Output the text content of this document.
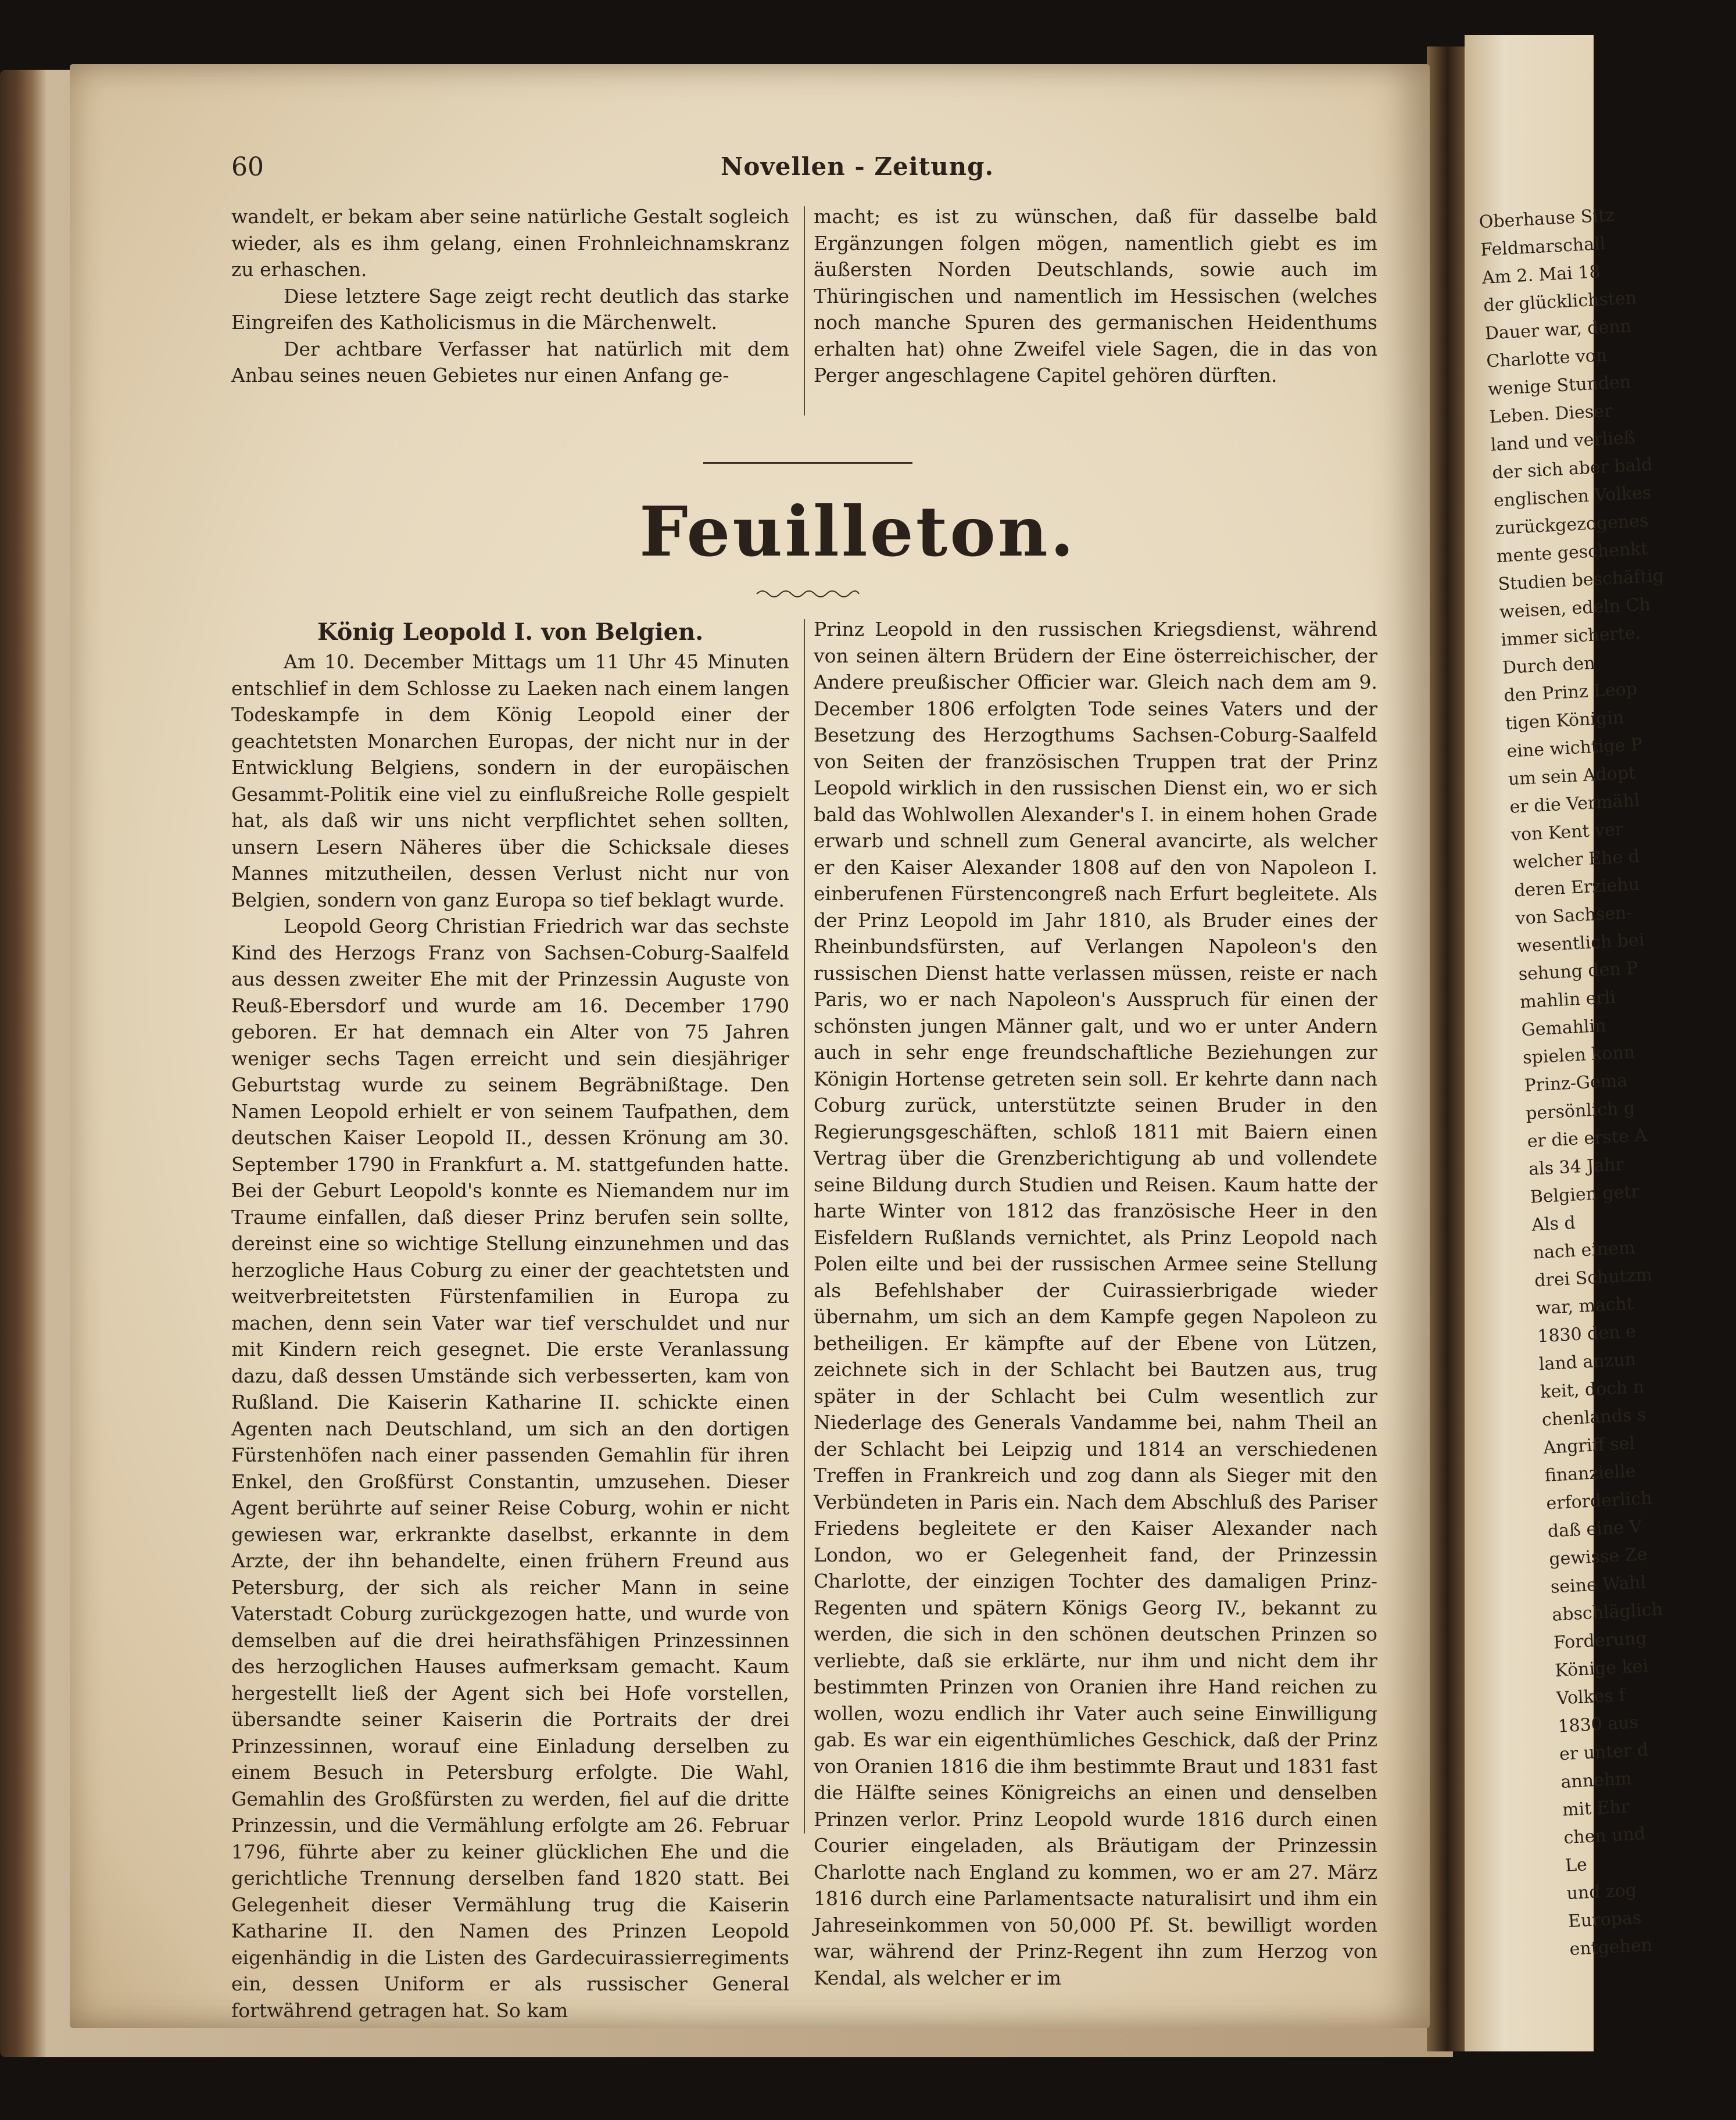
Oberhause Sitz

Feldmarschall

Am 2. Mai 18

der glücklichsten

Dauer war, denn

Charlotte von

wenige Stunden

Leben. Dieser

land und verließ

der sich aber bald

englischen Volkes

zurückgezogenes

mente geschenkt

Studien beschäftig

weisen, edeln Ch

immer sicherte.

Durch den

den Prinz Leop

tigen Königin

eine wichtige P

um sein Adopt

er die Vermähl

von Kent ver

welcher Ehe d

deren Erziehu

von Sachsen-

wesentlich bei

sehung den P

mahlin erli

Gemahlin

spielen konn

Prinz-Gema

persönlich g

er die erste A

als 34 Jahr

Belgien getr

Als d

nach einem

drei Schutzm

war, macht

1830 den e

land anzun

keit, doch n

chenlands s

Angriff sel

finanzielle

erforderlich

daß eine V

gewisse Ze

seine Wahl

abschläglich

Forderung

Könige kei

Volkes f

1830 aus

er unter d

annehm

mit Ehr

chen und

Le

und zog

Europas

entgehen

60	Novellen - Zeitung.

wandelt, er bekam aber seine natürliche Gestalt sogleich wieder, als es ihm gelang, einen Frohnleichnamskranz zu erhaschen.

Diese letztere Sage zeigt recht deutlich das starke Eingreifen des Katholicismus in die Märchenwelt.

Der achtbare Verfasser hat natürlich mit dem Anbau seines neuen Gebietes nur einen Anfang ge-

macht; es ist zu wünschen, daß für dasselbe bald Ergänzungen folgen mögen, namentlich giebt es im äußersten Norden Deutschlands, sowie auch im Thüringischen und namentlich im Hessischen (welches noch manche Spuren des germanischen Heidenthums erhalten hat) ohne Zweifel viele Sagen, die in das von Perger angeschlagene Capitel gehören dürften.

Feuilleton.

König Leopold I. von Belgien.

Am 10. December Mittags um 11 Uhr 45 Minuten entschlief in dem Schlosse zu Laeken nach einem langen Todeskampfe in dem König Leopold einer der geachtetsten Monarchen Europas, der nicht nur in der Entwicklung Belgiens, sondern in der europäischen Gesammt-Politik eine viel zu einflußreiche Rolle gespielt hat, als daß wir uns nicht verpflichtet sehen sollten, unsern Lesern Näheres über die Schicksale dieses Mannes mitzutheilen, dessen Verlust nicht nur von Belgien, sondern von ganz Europa so tief beklagt wurde.

Leopold Georg Christian Friedrich war das sechste Kind des Herzogs Franz von Sachsen-Coburg-Saalfeld aus dessen zweiter Ehe mit der Prinzessin Auguste von Reuß-Ebersdorf und wurde am 16. December 1790 geboren. Er hat demnach ein Alter von 75 Jahren weniger sechs Tagen erreicht und sein diesjähriger Geburtstag wurde zu seinem Begräbnißtage. Den Namen Leopold erhielt er von seinem Taufpathen, dem deutschen Kaiser Leopold II., dessen Krönung am 30. September 1790 in Frankfurt a. M. stattgefunden hatte. Bei der Geburt Leopold's konnte es Niemandem nur im Traume einfallen, daß dieser Prinz berufen sein sollte, dereinst eine so wichtige Stellung einzunehmen und das herzogliche Haus Coburg zu einer der geachtetsten und weitverbreitetsten Fürstenfamilien in Europa zu machen, denn sein Vater war tief verschuldet und nur mit Kindern reich gesegnet. Die erste Veranlassung dazu, daß dessen Umstände sich verbesserten, kam von Rußland. Die Kaiserin Katharine II. schickte einen Agenten nach Deutschland, um sich an den dortigen Fürstenhöfen nach einer passenden Gemahlin für ihren Enkel, den Großfürst Constantin, umzusehen. Dieser Agent berührte auf seiner Reise Coburg, wohin er nicht gewiesen war, erkrankte daselbst, erkannte in dem Arzte, der ihn behandelte, einen frühern Freund aus Petersburg, der sich als reicher Mann in seine Vaterstadt Coburg zurückgezogen hatte, und wurde von demselben auf die drei heirathsfähigen Prinzessinnen des herzoglichen Hauses aufmerksam gemacht. Kaum hergestellt ließ der Agent sich bei Hofe vorstellen, übersandte seiner Kaiserin die Portraits der drei Prinzessinnen, worauf eine Einladung derselben zu einem Besuch in Petersburg erfolgte. Die Wahl, Gemahlin des Großfürsten zu werden, fiel auf die dritte Prinzessin, und die Vermählung erfolgte am 26. Februar 1796, führte aber zu keiner glücklichen Ehe und die gerichtliche Trennung derselben fand 1820 statt. Bei Gelegenheit dieser Vermählung trug die Kaiserin Katharine II. den Namen des Prinzen Leopold eigenhändig in die Listen des Gardecuirassierregiments ein, dessen Uniform er als russischer General fortwährend getragen hat. So kam

Prinz Leopold in den russischen Kriegsdienst, während von seinen ältern Brüdern der Eine österreichischer, der Andere preußischer Officier war. Gleich nach dem am 9. December 1806 erfolgten Tode seines Vaters und der Besetzung des Herzogthums Sachsen-Coburg-Saalfeld von Seiten der französischen Truppen trat der Prinz Leopold wirklich in den russischen Dienst ein, wo er sich bald das Wohlwollen Alexander's I. in einem hohen Grade erwarb und schnell zum General avancirte, als welcher er den Kaiser Alexander 1808 auf den von Napoleon I. einberufenen Fürstencongreß nach Erfurt begleitete. Als der Prinz Leopold im Jahr 1810, als Bruder eines der Rheinbundsfürsten, auf Verlangen Napoleon's den russischen Dienst hatte verlassen müssen, reiste er nach Paris, wo er nach Napoleon's Ausspruch für einen der schönsten jungen Männer galt, und wo er unter Andern auch in sehr enge freundschaftliche Beziehungen zur Königin Hortense getreten sein soll. Er kehrte dann nach Coburg zurück, unterstützte seinen Bruder in den Regierungsgeschäften, schloß 1811 mit Baiern einen Vertrag über die Grenzberichtigung ab und vollendete seine Bildung durch Studien und Reisen. Kaum hatte der harte Winter von 1812 das französische Heer in den Eisfeldern Rußlands vernichtet, als Prinz Leopold nach Polen eilte und bei der russischen Armee seine Stellung als Befehlshaber der Cuirassierbrigade wieder übernahm, um sich an dem Kampfe gegen Napoleon zu betheiligen. Er kämpfte auf der Ebene von Lützen, zeichnete sich in der Schlacht bei Bautzen aus, trug später in der Schlacht bei Culm wesentlich zur Niederlage des Generals Vandamme bei, nahm Theil an der Schlacht bei Leipzig und 1814 an verschiedenen Treffen in Frankreich und zog dann als Sieger mit den Verbündeten in Paris ein. Nach dem Abschluß des Pariser Friedens begleitete er den Kaiser Alexander nach London, wo er Gelegenheit fand, der Prinzessin Charlotte, der einzigen Tochter des damaligen Prinz-Regenten und spätern Königs Georg IV., bekannt zu werden, die sich in den schönen deutschen Prinzen so verliebte, daß sie erklärte, nur ihm und nicht dem ihr bestimmten Prinzen von Oranien ihre Hand reichen zu wollen, wozu endlich ihr Vater auch seine Einwilligung gab. Es war ein eigenthümliches Geschick, daß der Prinz von Oranien 1816 die ihm bestimmte Braut und 1831 fast die Hälfte seines Königreichs an einen und denselben Prinzen verlor. Prinz Leopold wurde 1816 durch einen Courier eingeladen, als Bräutigam der Prinzessin Charlotte nach England zu kommen, wo er am 27. März 1816 durch eine Parlamentsacte naturalisirt und ihm ein Jahreseinkommen von 50,000 Pf. St. bewilligt worden war, während der Prinz-Regent ihn zum Herzog von Kendal, als welcher er im
